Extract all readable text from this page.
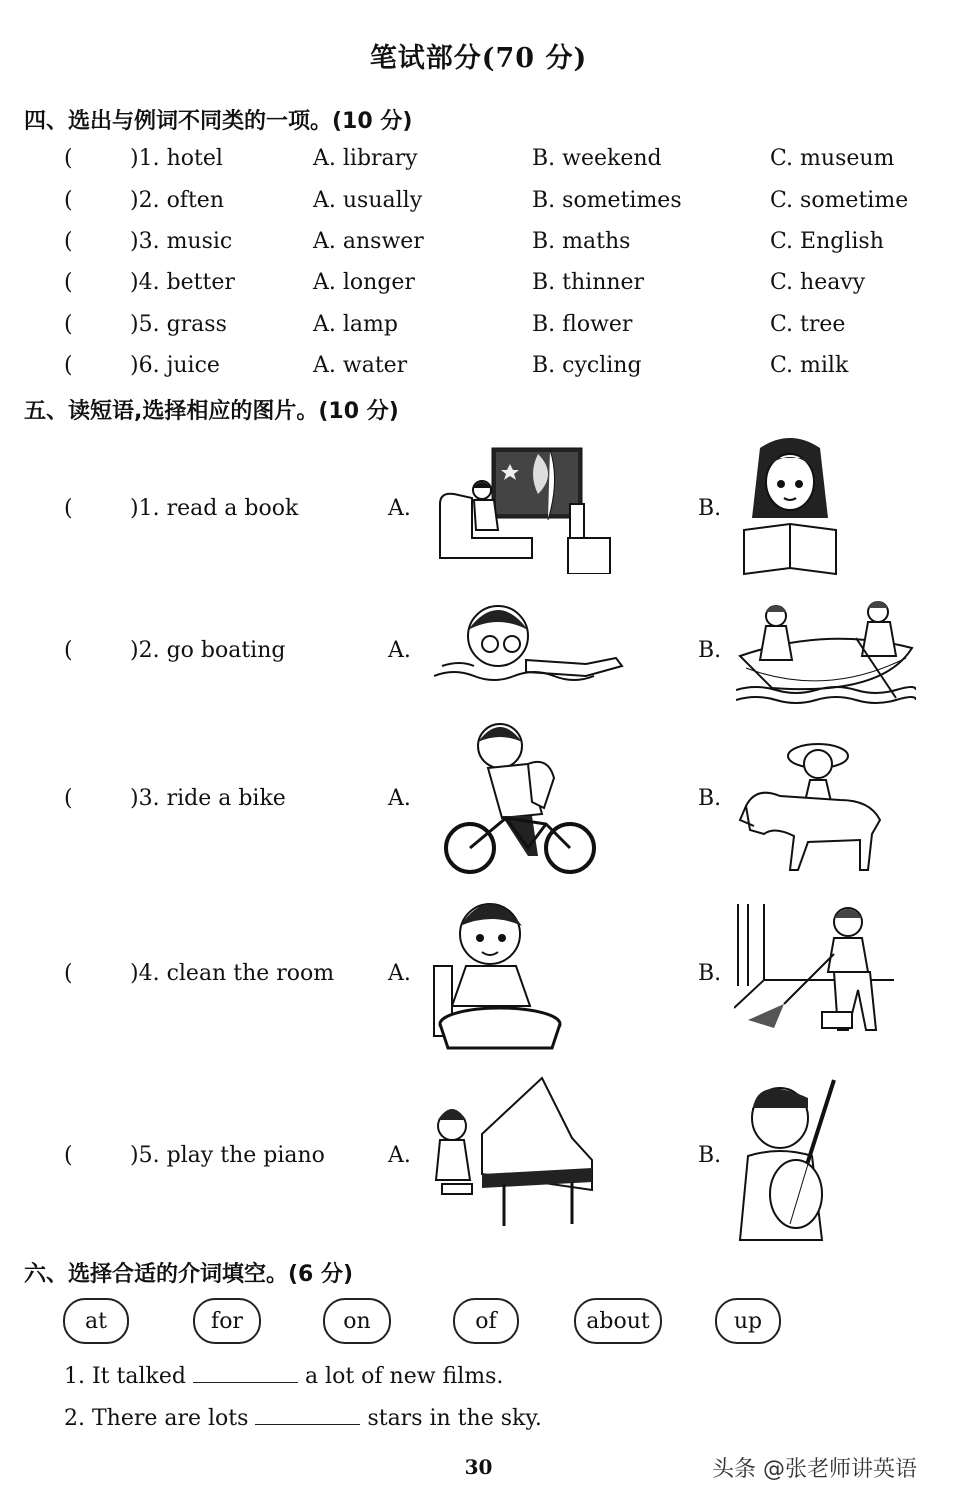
笔试部分(70 分)
四、选出与例词不同类的一项。(10 分)
(	)1. hotel	A. library	B. weekend	C. museum
(	)2. often	A. usually	B. sometimes	C. sometime
(	)3. music	A. answer	B. maths	C. English
(	)4. better	A. longer	B. thinner	C. heavy
(	)5. grass	A. lamp	B. flower	C. tree
(	)6. juice	A. water	B. cycling	C. milk
五、读短语,选择相应的图片。(10 分)
(	)1. read a book	A.	B.
(	)2. go boating	A.	B.
(	)3. ride a bike	A.	B.
(	)4. clean the room A.	B.
(	)5. play the piano	A.	B.
六、选择合适的介词填空。(6 分)
at	for	on	of	about	up
1. It talked	a lot of new films.
2. There are lots	stars in the sky.
30	头条 @张老师讲英语
